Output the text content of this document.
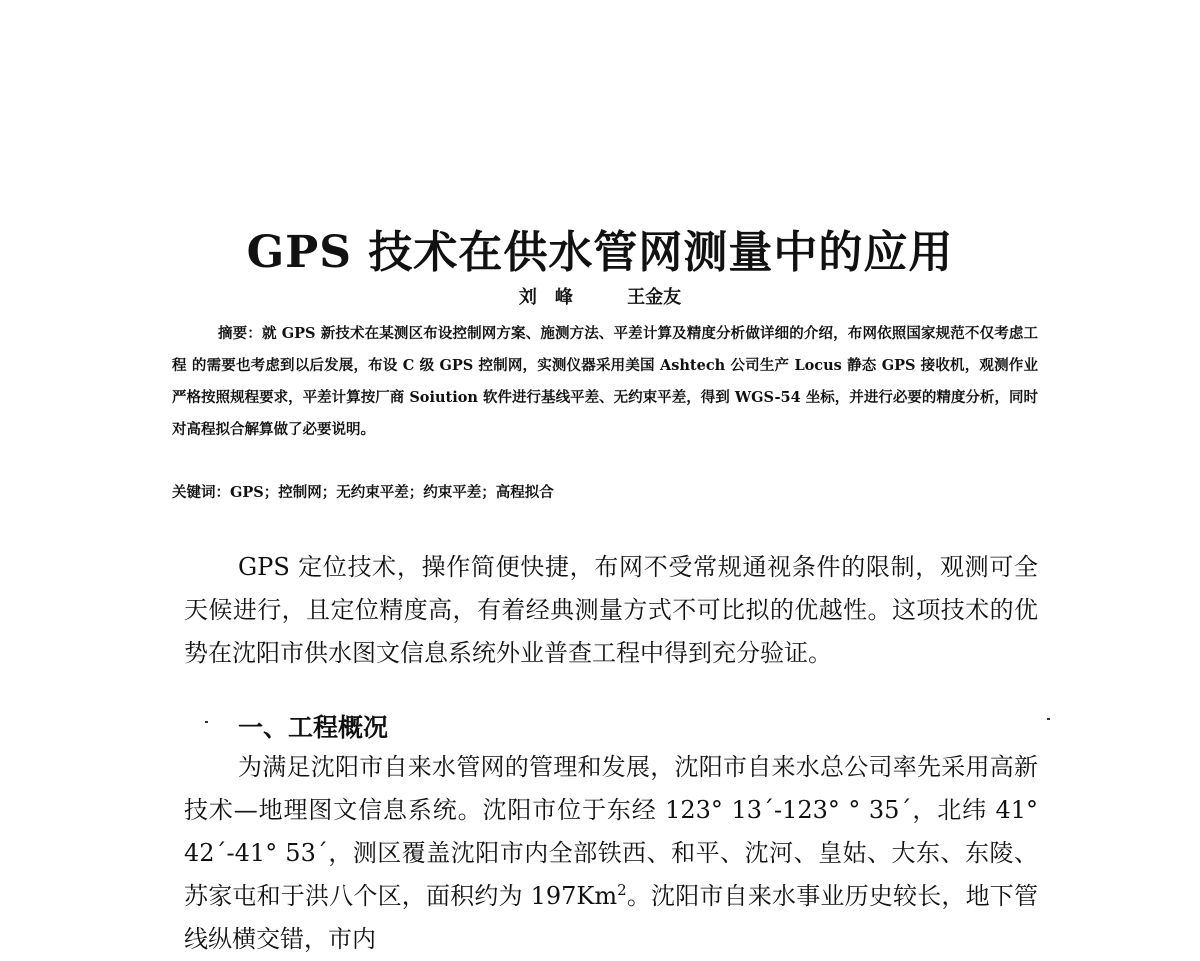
GPS 技术在供水管网测量中的应用
刘　峰	王金友

摘要：就 GPS 新技术在某测区布设控制网方案、施测方法、平差计算及精度分析做详细的介绍，布网依照国家规范不仅考虑工程 的需要也考虑到以后发展，布设 C 级 GPS 控制网，实测仪器采用美国 Ashtech 公司生产 Locus 静态 GPS 接收机，观测作业严格按照规程要求，平差计算按厂商 Soiution 软件进行基线平差、无约束平差，得到 WGS-54 坐标，并进行必要的精度分析，同时对高程拟合解算做了必要说明。

关键词：GPS；控制网；无约束平差；约束平差；高程拟合

GPS 定位技术，操作简便快捷，布网不受常规通视条件的限制，观测可全天候进行，且定位精度高，有着经典测量方式不可比拟的优越性。这项技术的优势在沈阳市供水图文信息系统外业普查工程中得到充分验证。

一、工程概况

为满足沈阳市自来水管网的管理和发展，沈阳市自来水总公司率先采用高新技术—地理图文信息系统。沈阳市位于东经 123° 13´-123° ° 35´，北纬 41° 42´-41° 53´，测区覆盖沈阳市内全部铁西、和平、沈河、皇姑、大东、东陵、苏家屯和于洪八个区，面积约为 197Km$^2$。沈阳市自来水事业历史较长，地下管线纵横交错，市内
